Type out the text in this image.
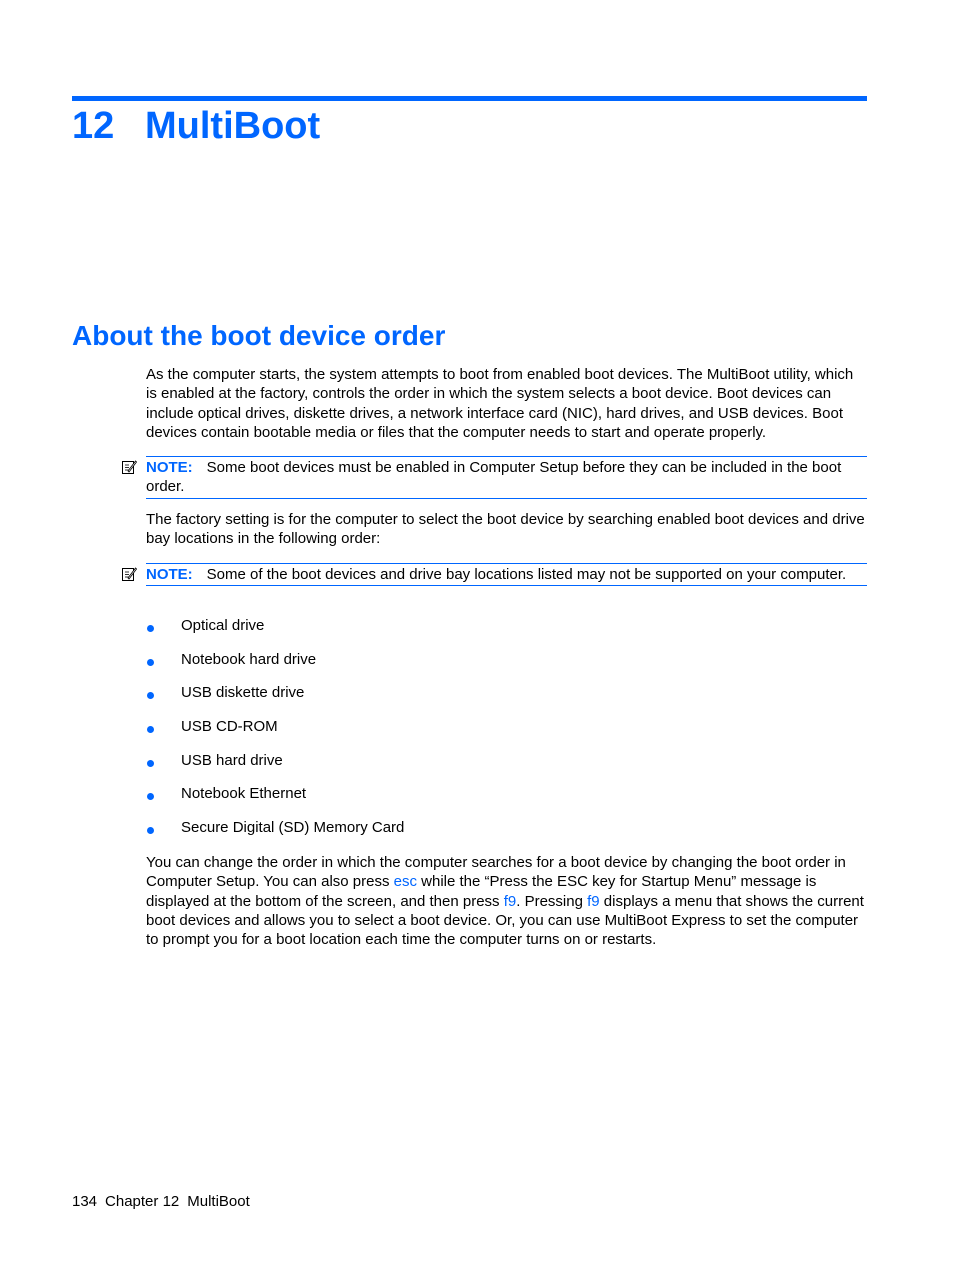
12 MultiBoot
About the boot device order

As the computer starts, the system attempts to boot from enabled boot devices. The MultiBoot utility, which is enabled at the factory, controls the order in which the system selects a boot device. Boot devices can include optical drives, diskette drives, a network interface card (NIC), hard drives, and USB devices. Boot devices contain bootable media or files that the computer needs to start and operate properly.

NOTE: Some boot devices must be enabled in Computer Setup before they can be included in the boot order.

The factory setting is for the computer to select the boot device by searching enabled boot devices and drive bay locations in the following order:

NOTE: Some of the boot devices and drive bay locations listed may not be supported on your computer.
Optical drive
Notebook hard drive
USB diskette drive
USB CD-ROM
USB hard drive
Notebook Ethernet
Secure Digital (SD) Memory Card

You can change the order in which the computer searches for a boot device by changing the boot order in Computer Setup. You can also press esc while the “Press the ESC key for Startup Menu” message is displayed at the bottom of the screen, and then press f9. Pressing f9 displays a menu that shows the current boot devices and allows you to select a boot device. Or, you can use MultiBoot Express to set the computer to prompt you for a boot location each time the computer turns on or restarts.

134 Chapter 12 MultiBoot
